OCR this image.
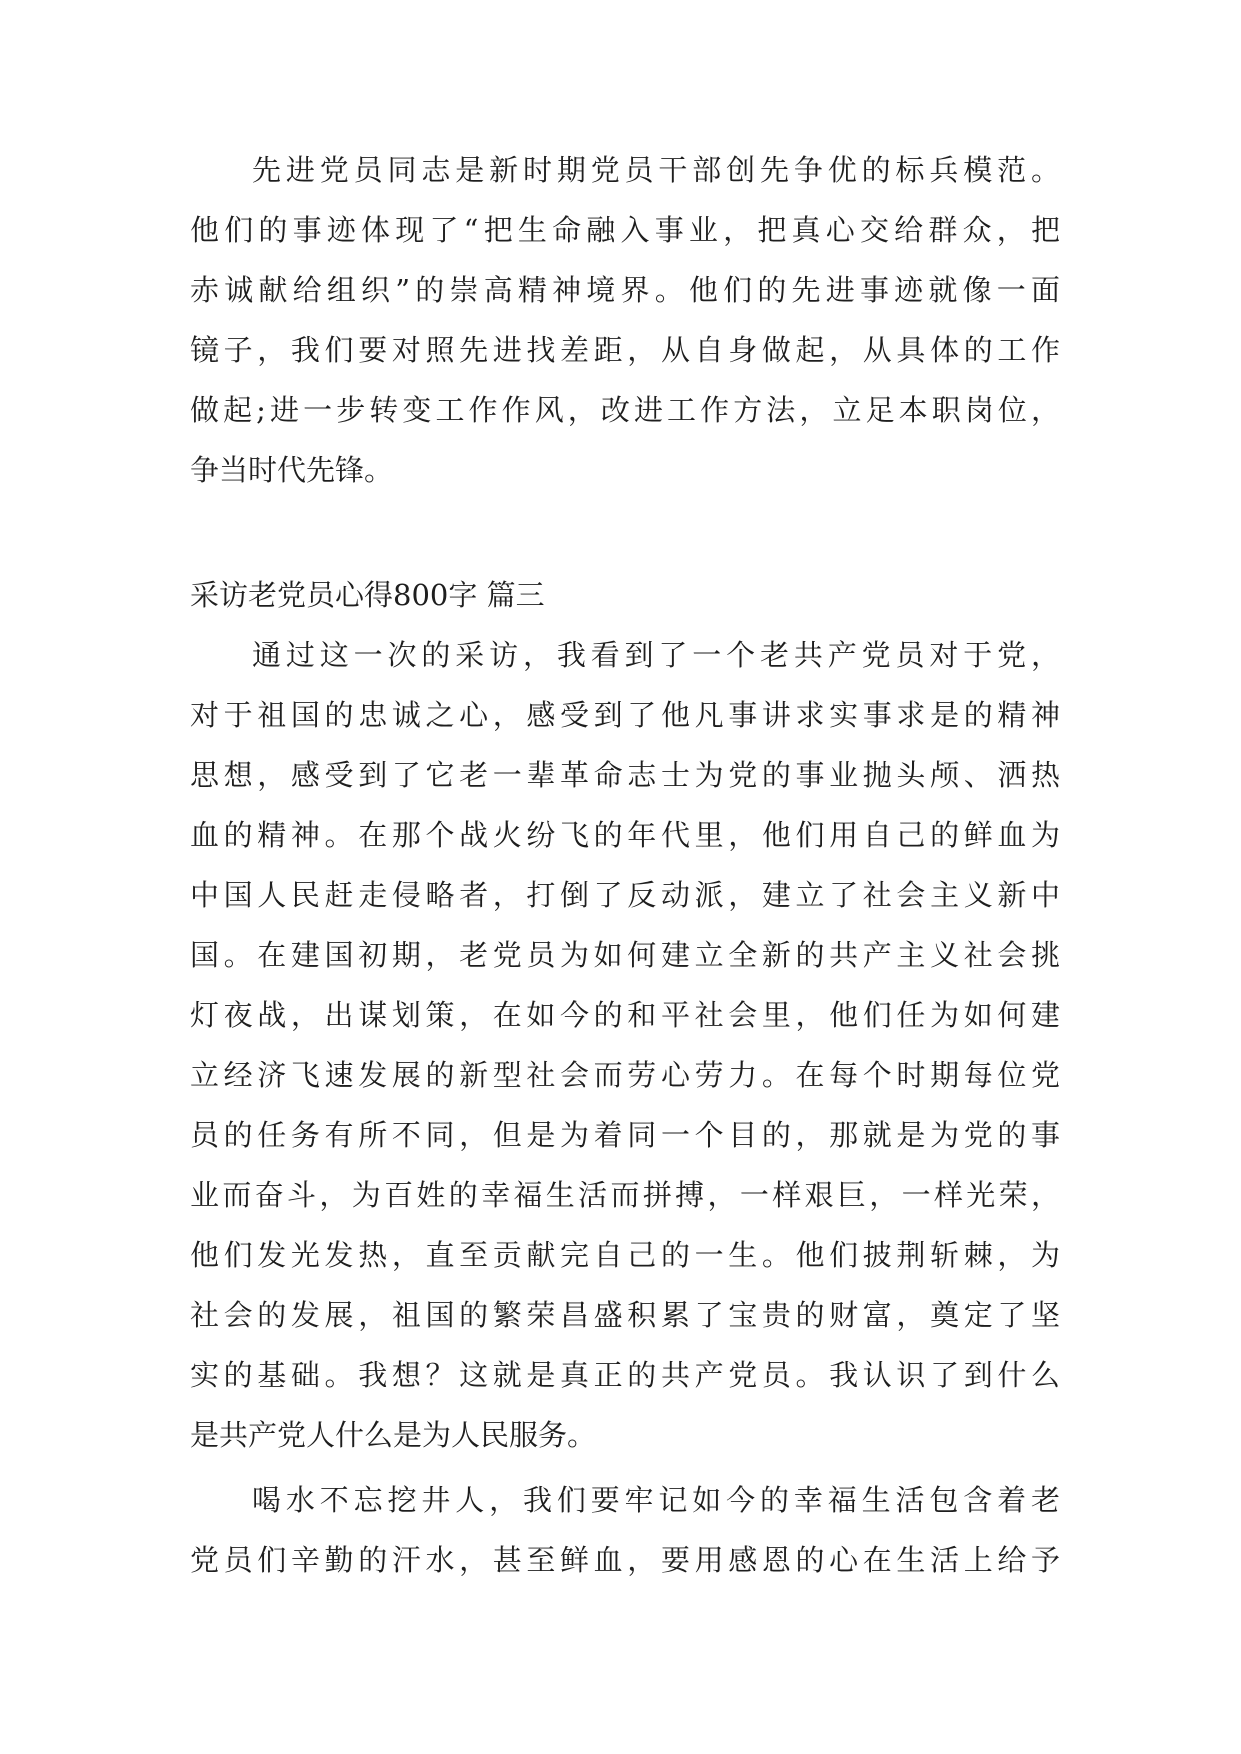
先进党员同志是新时期党员干部创先争优的标兵模范。

他们的事迹体现了“把生命融入事业，把真心交给群众，把

赤诚献给组织”的崇高精神境界。他们的先进事迹就像一面

镜子，我们要对照先进找差距，从自身做起，从具体的工作

做起;进一步转变工作作风，改进工作方法，立足本职岗位，

争当时代先锋。

采访老党员心得800字 篇三

通过这一次的采访，我看到了一个老共产党员对于党，

对于祖国的忠诚之心，感受到了他凡事讲求实事求是的精神

思想，感受到了它老一辈革命志士为党的事业抛头颅、洒热

血的精神。在那个战火纷飞的年代里，他们用自己的鲜血为

中国人民赶走侵略者，打倒了反动派，建立了社会主义新中

国。在建国初期，老党员为如何建立全新的共产主义社会挑

灯夜战，出谋划策，在如今的和平社会里，他们任为如何建

立经济飞速发展的新型社会而劳心劳力。在每个时期每位党

员的任务有所不同，但是为着同一个目的，那就是为党的事

业而奋斗，为百姓的幸福生活而拼搏，一样艰巨，一样光荣，

他们发光发热，直至贡献完自己的一生。他们披荆斩棘，为

社会的发展，祖国的繁荣昌盛积累了宝贵的财富，奠定了坚

实的基础。我想？这就是真正的共产党员。我认识了到什么

是共产党人什么是为人民服务。

喝水不忘挖井人，我们要牢记如今的幸福生活包含着老

党员们辛勤的汗水，甚至鲜血，要用感恩的心在生活上给予
